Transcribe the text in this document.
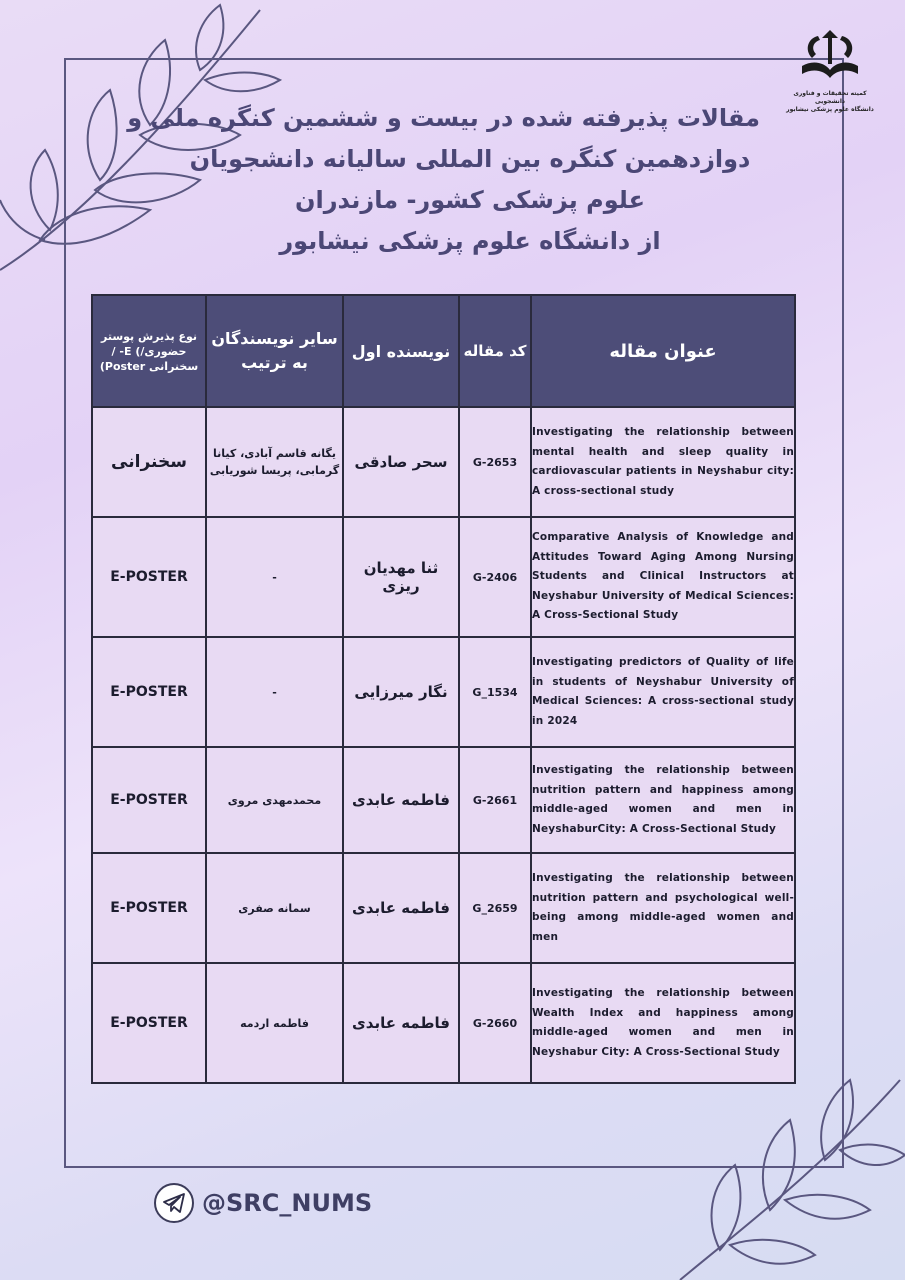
کمیته تحقیقات و فناوری دانشجویی
دانشگاه علوم پزشکی نیشابور
مقالات پذیرفته شده در بیست و ششمین کنگره ملی و
دوازدهمین کنگره بین المللی سالیانه دانشجویان
علوم پزشکی کشور- مازندران
از دانشگاه علوم پزشکی نیشابور
نوع پذیرش پوستر حضوری/) E- /سخنرانی Poster)	سایر نویسندگان به ترتیب	نویسنده اول	کد مقاله	عنوان مقاله
سخنرانی	یگانه قاسم آبادی، کیانا گرمابی، پریسا شوریابی	سحر صادقی	G-2653	Investigating the relationship between mental health and sleep quality in cardiovascular patients in Neyshabur city: A cross-sectional study
E-POSTER	-	ثنا مهدیان ریزی	G-2406	Comparative Analysis of Knowledge and Attitudes Toward Aging Among Nursing Students and Clinical Instructors at Neyshabur University of Medical Sciences: A Cross-Sectional Study
E-POSTER	-	نگار میرزایی	G_1534	Investigating predictors of Quality of life in students of Neyshabur University of Medical Sciences: A cross-sectional study in 2024
E-POSTER	محمدمهدی مروی	فاطمه عابدی	G-2661	Investigating the relationship between nutrition pattern and happiness among middle-aged women and men in NeyshaburCity: A Cross-Sectional Study
E-POSTER	سمانه صفری	فاطمه عابدی	G_2659	Investigating the relationship between nutrition pattern and psychological well-being among middle-aged women and men
E-POSTER	فاطمه اردمه	فاطمه عابدی	G-2660	Investigating the relationship between Wealth Index and happiness among middle-aged women and men in Neyshabur City: A Cross-Sectional Study
@SRC_NUMS
